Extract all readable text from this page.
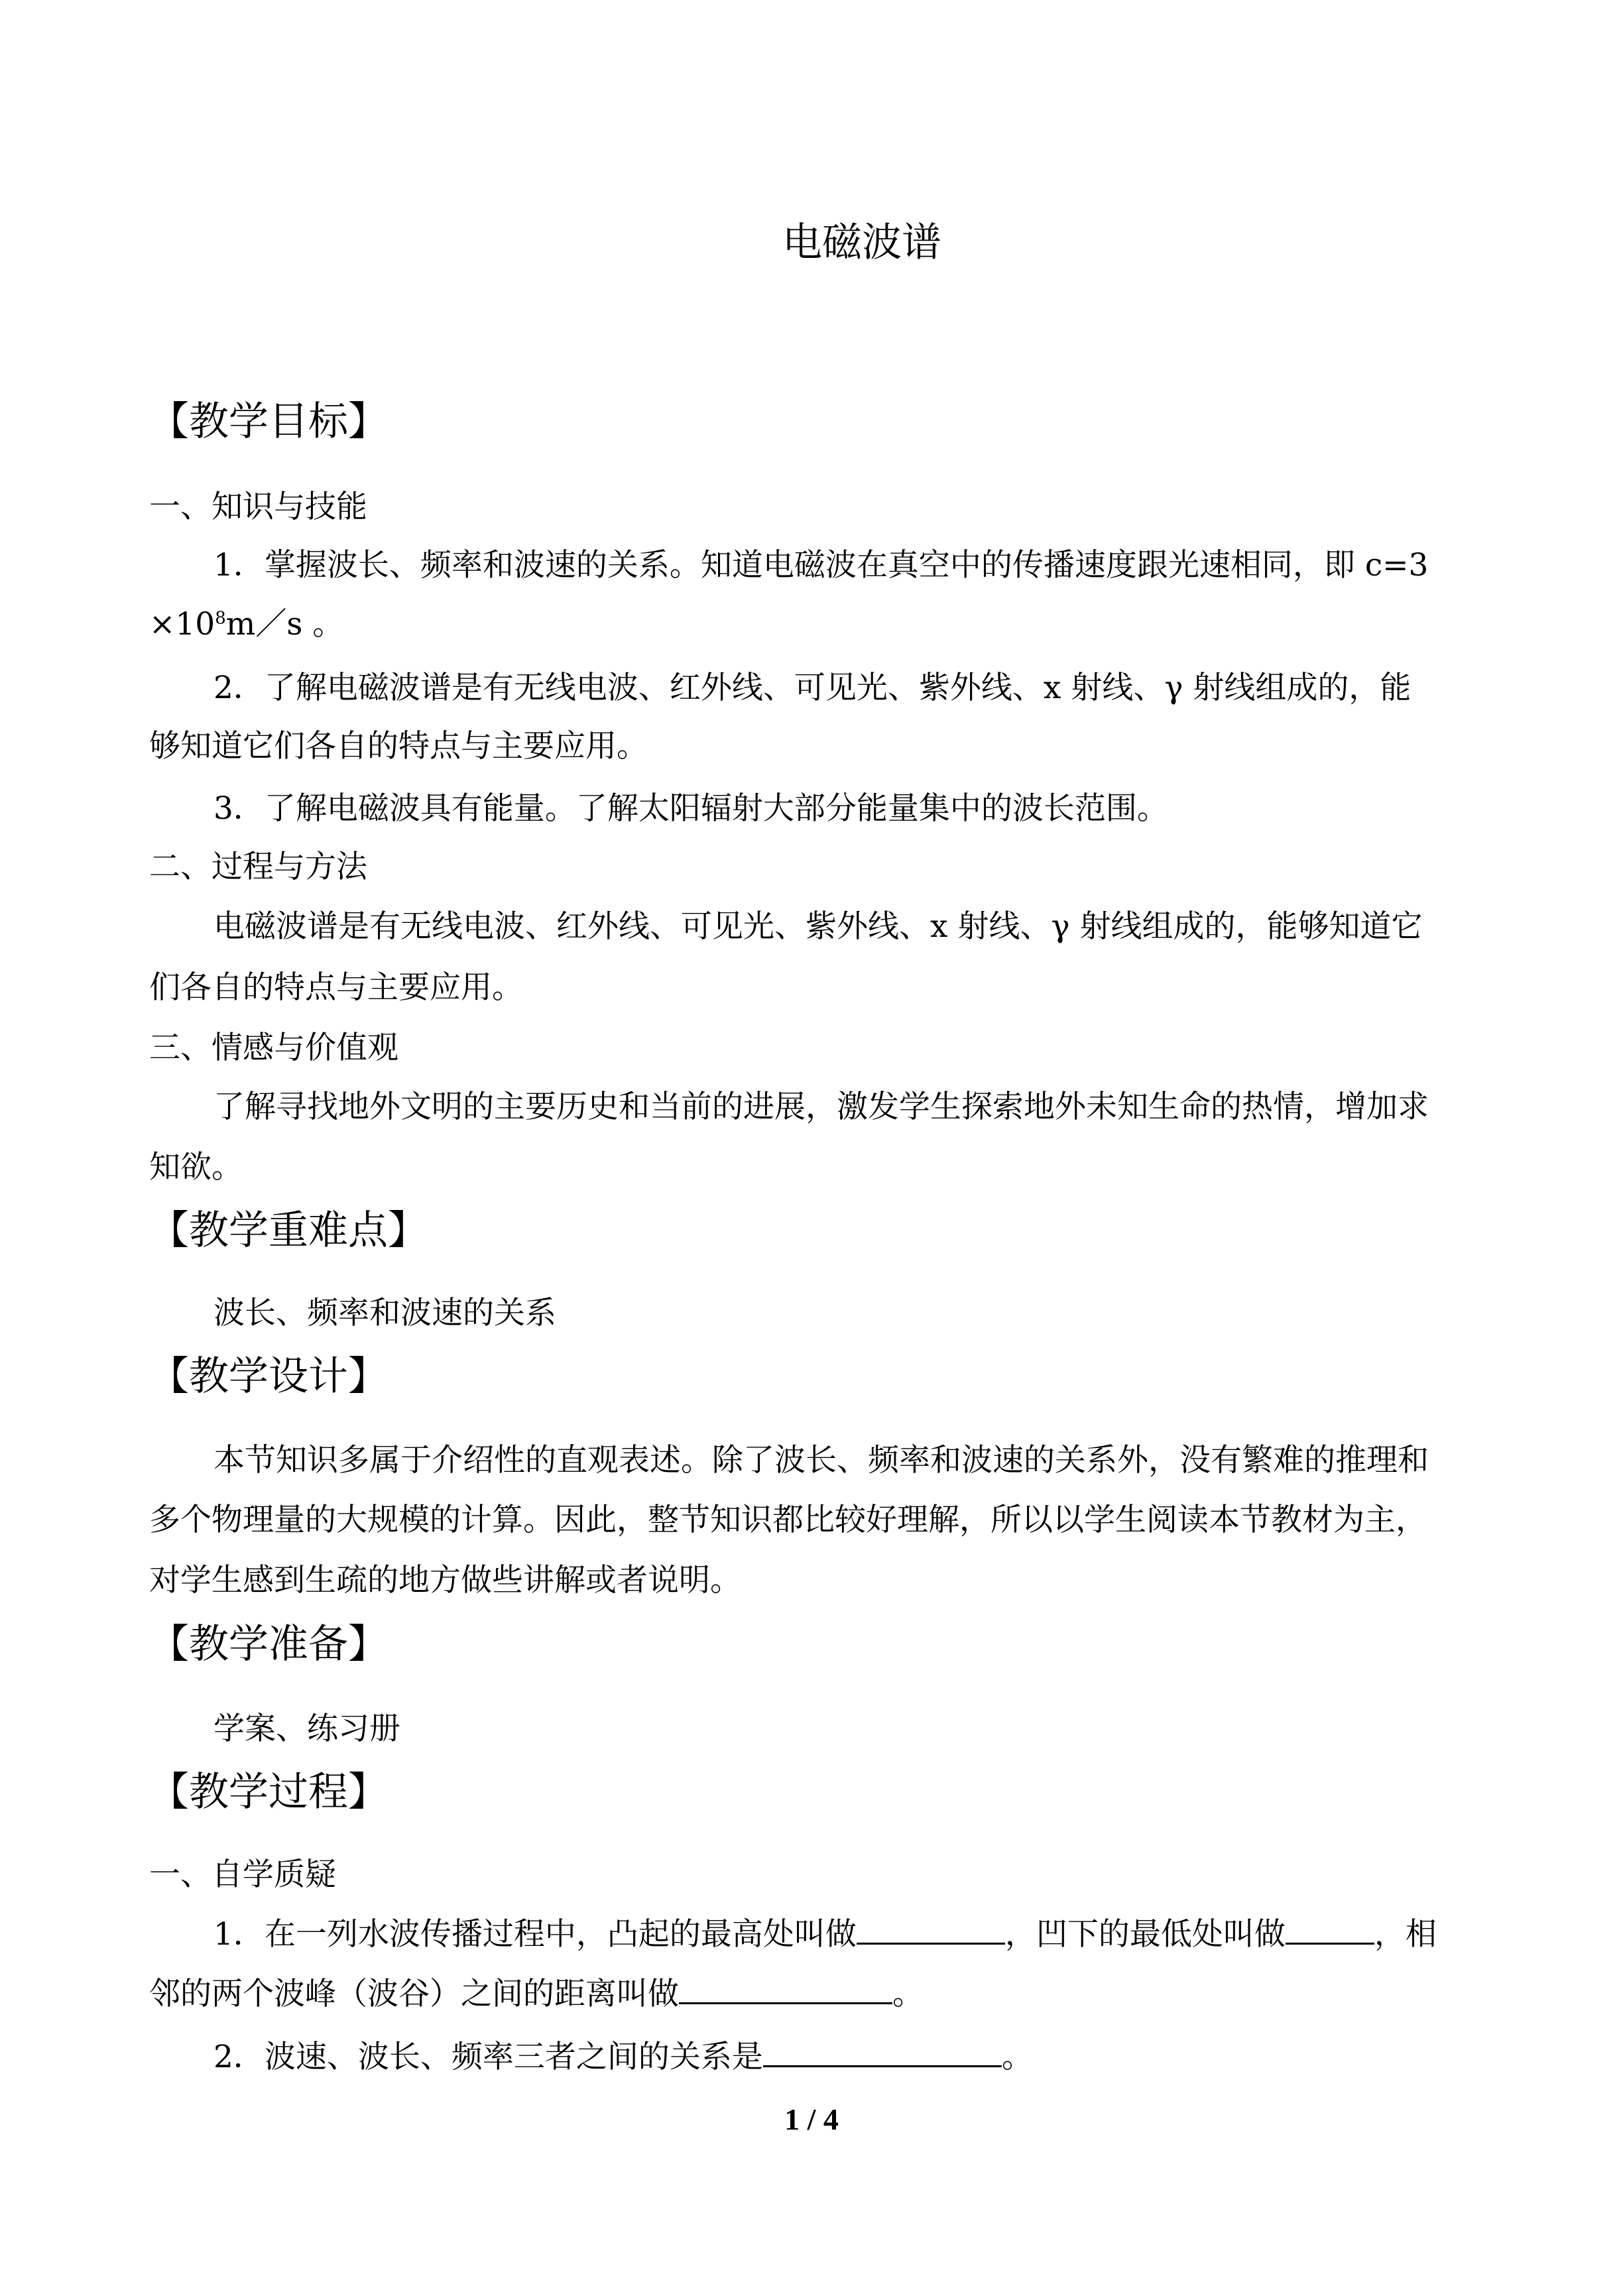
电磁波谱
【教学目标】
一、知识与技能
1．掌握波长、频率和波速的关系。知道电磁波在真空中的传播速度跟光速相同，即 c=3
$\times 10^8m/s$ 。
2．了解电磁波谱是有无线电波、红外线、可见光、紫外线、x 射线、γ 射线组成的，能
够知道它们各自的特点与主要应用。
3．了解电磁波具有能量。了解太阳辐射大部分能量集中的波长范围。
二、过程与方法
电磁波谱是有无线电波、红外线、可见光、紫外线、x 射线、γ 射线组成的，能够知道它
们各自的特点与主要应用。
三、情感与价值观
了解寻找地外文明的主要历史和当前的进展，激发学生探索地外未知生命的热情，增加求
知欲。
【教学重难点】
波长、频率和波速的关系
【教学设计】
本节知识多属于介绍性的直观表述。除了波长、频率和波速的关系外，没有繁难的推理和
多个物理量的大规模的计算。因此，整节知识都比较好理解，所以以学生阅读本节教材为主，
对学生感到生疏的地方做些讲解或者说明。
【教学准备】
学案、练习册
【教学过程】
一、自学质疑
1．在一列水波传播过程中，凸起的最高处叫做	，凹下的最低处叫做	，相
邻的两个波峰（波谷）之间的距离叫做	。
2．波速、波长、频率三者之间的关系是	。
1 / 4
